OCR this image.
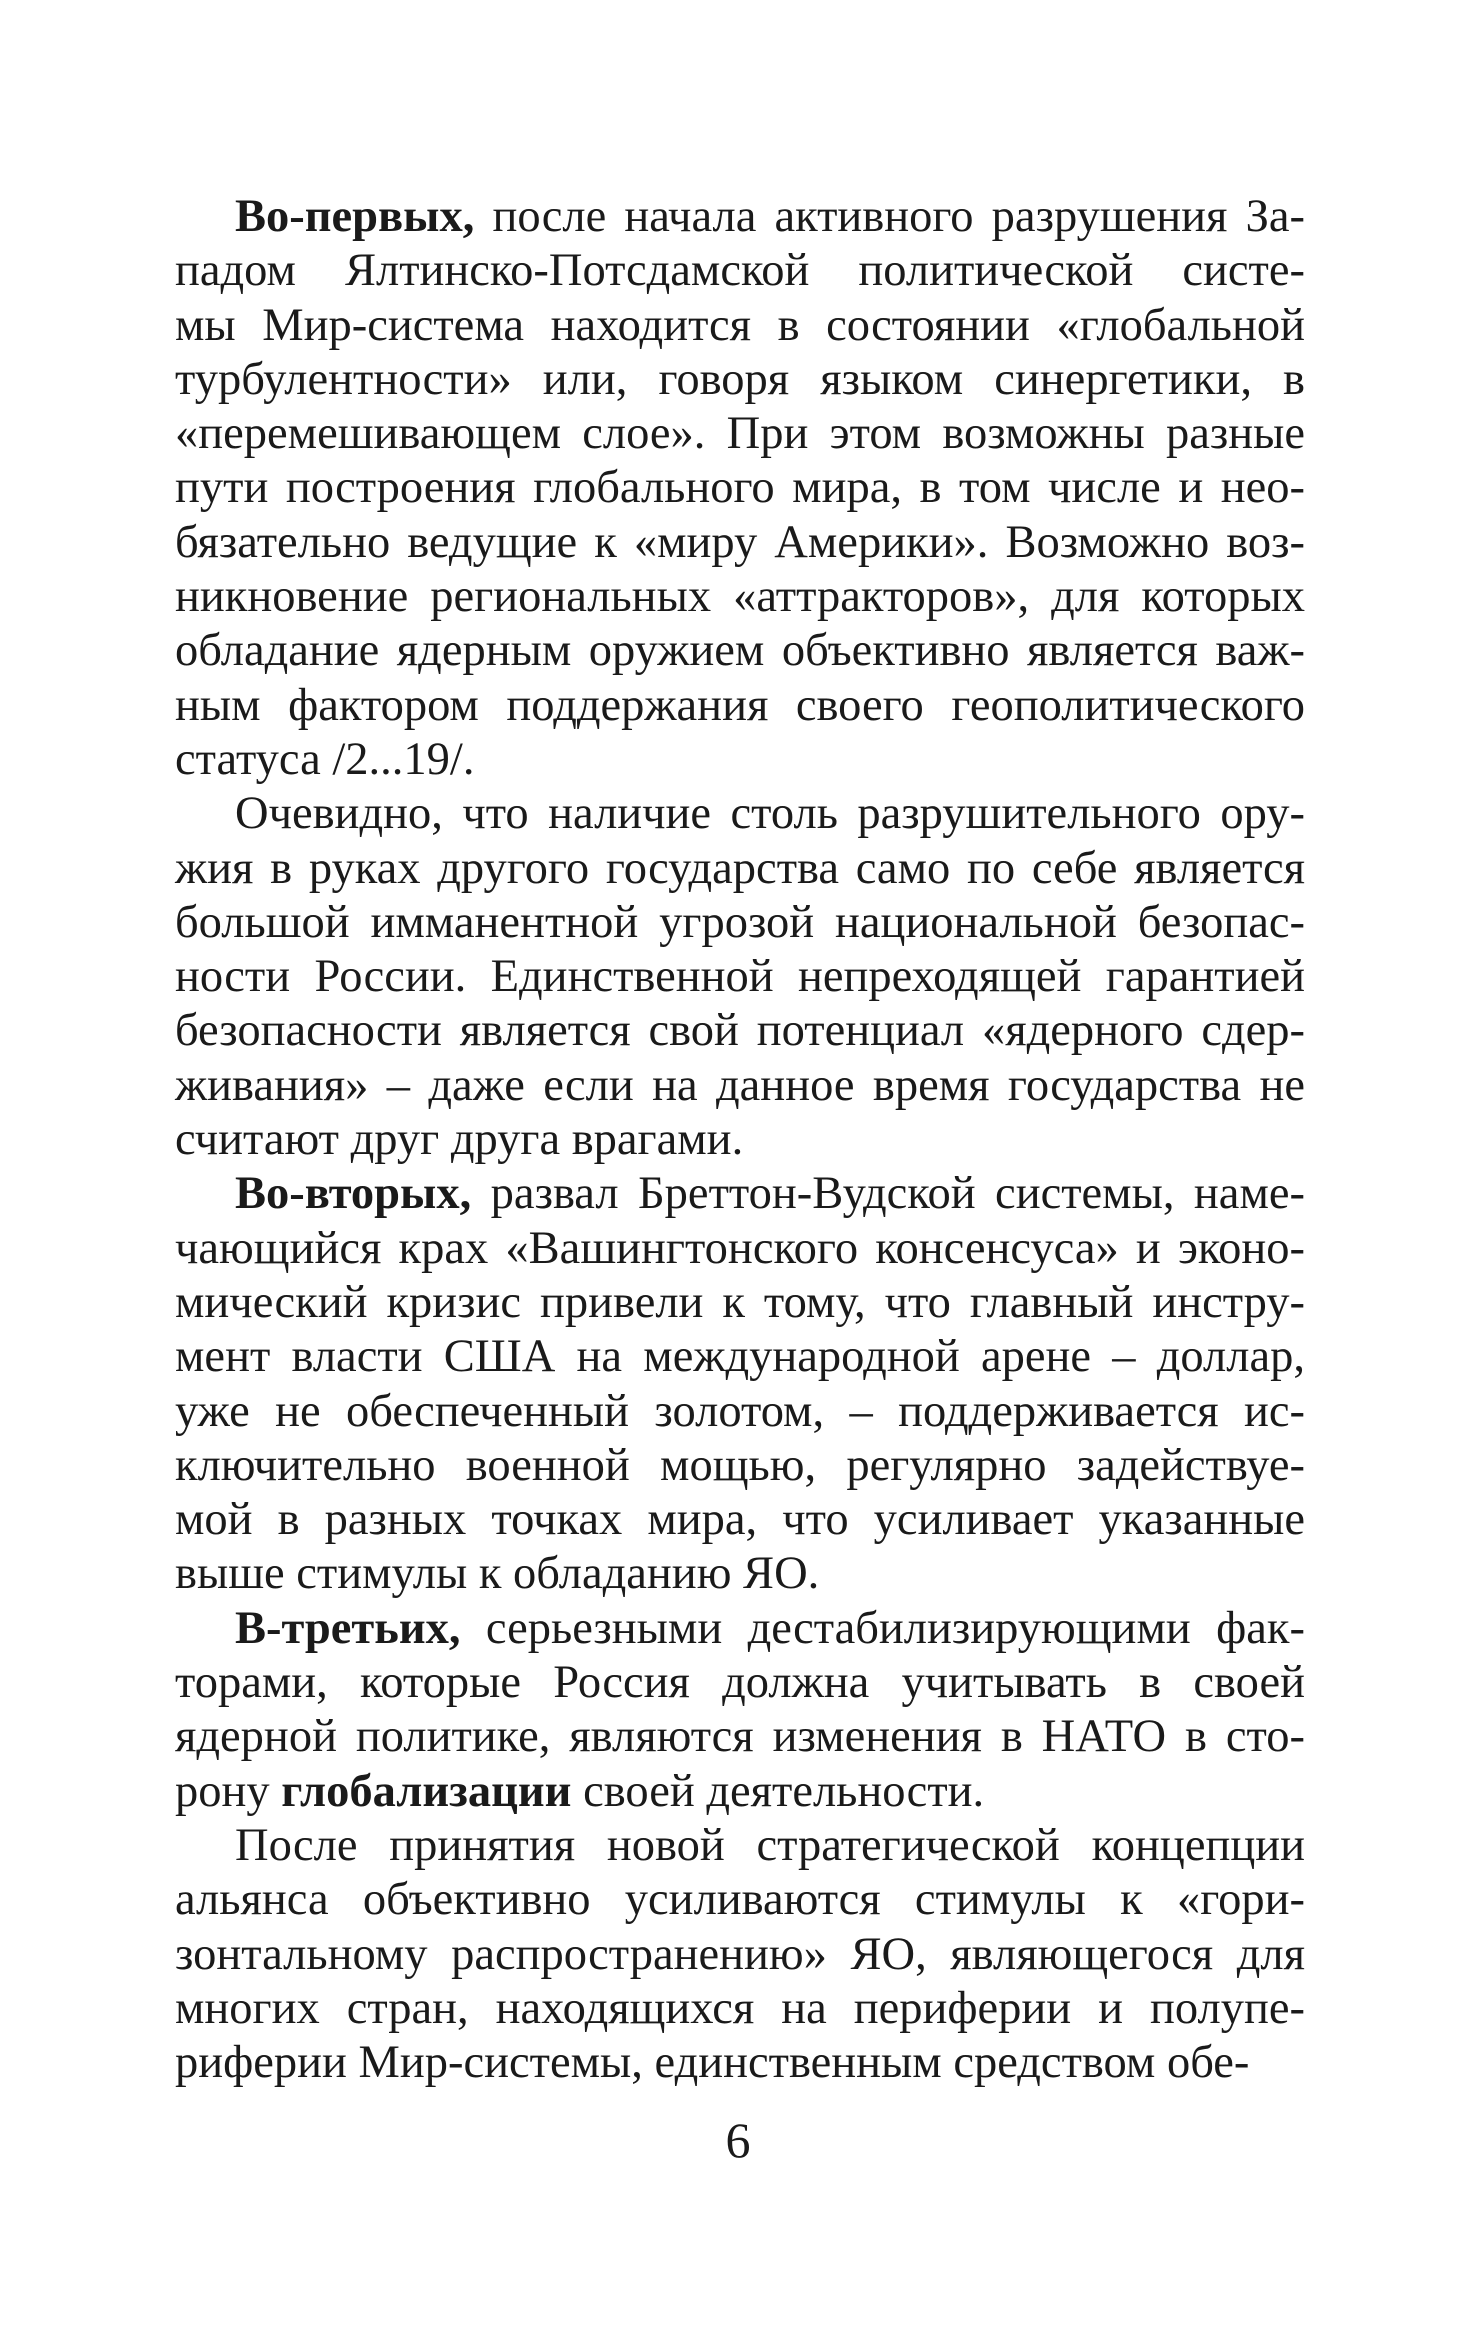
Во-первых, после начала активного разрушения За-
падом Ялтинско-Потсдамской политической систе-
мы Мир-система находится в состоянии «глобальной
турбулентности» или, говоря языком синергетики, в
«перемешивающем слое». При этом возможны разные
пути построения глобального мира, в том числе и нео-
бязательно ведущие к «миру Америки». Возможно воз-
никновение региональных «аттракторов», для которых
обладание ядерным оружием объективно является важ-
ным фактором поддержания своего геополитического
статуса /2...19/.
Очевидно, что наличие столь разрушительного ору-
жия в руках другого государства само по себе является
большой имманентной угрозой национальной безопас-
ности России. Единственной непреходящей гарантией
безопасности является свой потенциал «ядерного сдер-
живания» – даже если на данное время государства не
считают друг друга врагами.
Во-вторых, развал Бреттон-Вудской системы, наме-
чающийся крах «Вашингтонского консенсуса» и эконо-
мический кризис привели к тому, что главный инстру-
мент власти США на международной арене – доллар,
уже не обеспеченный золотом, – поддерживается ис-
ключительно военной мощью, регулярно задействуе-
мой в разных точках мира, что усиливает указанные
выше стимулы к обладанию ЯО.
В-третьих, серьезными дестабилизирующими фак-
торами, которые Россия должна учитывать в своей
ядерной политике, являются изменения в НАТО в сто-
рону глобализации своей деятельности.
После принятия новой стратегической концепции
альянса объективно усиливаются стимулы к «гори-
зонтальному распространению» ЯО, являющегося для
многих стран, находящихся на периферии и полупе-
риферии Мир-системы, единственным средством обе-
6
